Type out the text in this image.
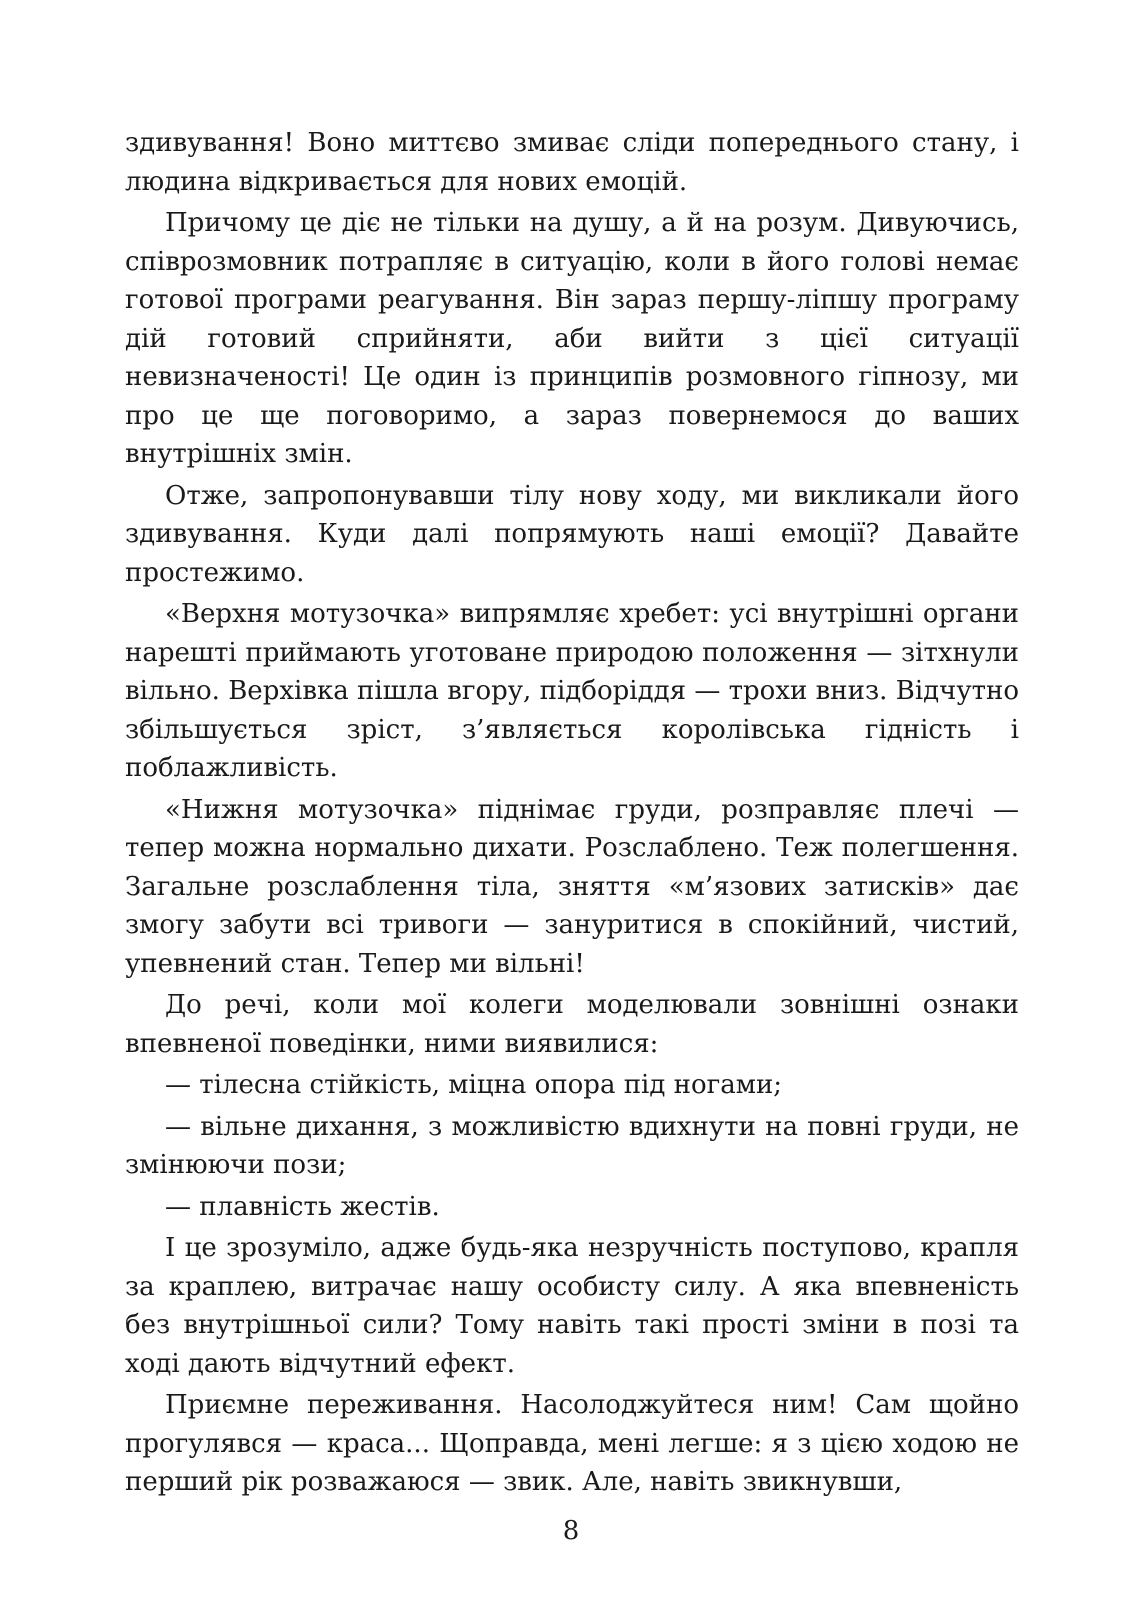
здивування! Воно миттєво змиває сліди попереднього стану, і людина відкривається для нових емоцій.

Причому це діє не тільки на душу, а й на розум. Дивуючись, співрозмовник потрапляє в ситуацію, коли в його голові немає готової програми реагування. Він зараз першу-ліпшу програму дій готовий сприйняти, аби вийти з цієї ситуації невизначеності! Це один із принципів розмовного гіпнозу, ми про це ще поговоримо, а зараз повернемося до ваших внутрішніх змін.

Отже, запропонувавши тілу нову ходу, ми викликали його здивування. Куди далі попрямують наші емоції? Давайте простежимо.

«Верхня мотузочка» випрямляє хребет: усі внутрішні органи нарешті приймають уготоване природою положення — зітхнули вільно. Верхівка пішла вгору, підборіддя — трохи вниз. Відчутно збільшується зріст, з’являється королівська гідність і поблажливість.

«Нижня мотузочка» піднімає груди, розправляє плечі — тепер можна нормально дихати. Розслаблено. Теж полегшення. Загальне розслаблення тіла, зняття «м’язових затисків» дає змогу забути всі тривоги — зануритися в спокійний, чистий, упевнений стан. Тепер ми вільні!

До речі, коли мої колеги моделювали зовнішні ознаки впевненої поведінки, ними виявилися:

— тілесна стійкість, міцна опора під ногами;

— вільне дихання, з можливістю вдихнути на повні груди, не змінюючи пози;

— плавність жестів.

І це зрозуміло, адже будь-яка незручність поступово, крапля за краплею, витрачає нашу особисту силу. А яка впевненість без внутрішньої сили? Тому навіть такі прості зміни в позі та ході дають відчутний ефект.

Приємне переживання. Насолоджуйтеся ним! Сам щойно прогулявся — краса... Щоправда, мені легше: я з цією ходою не перший рік розважаюся — звик. Але, навіть звикнувши,

8
